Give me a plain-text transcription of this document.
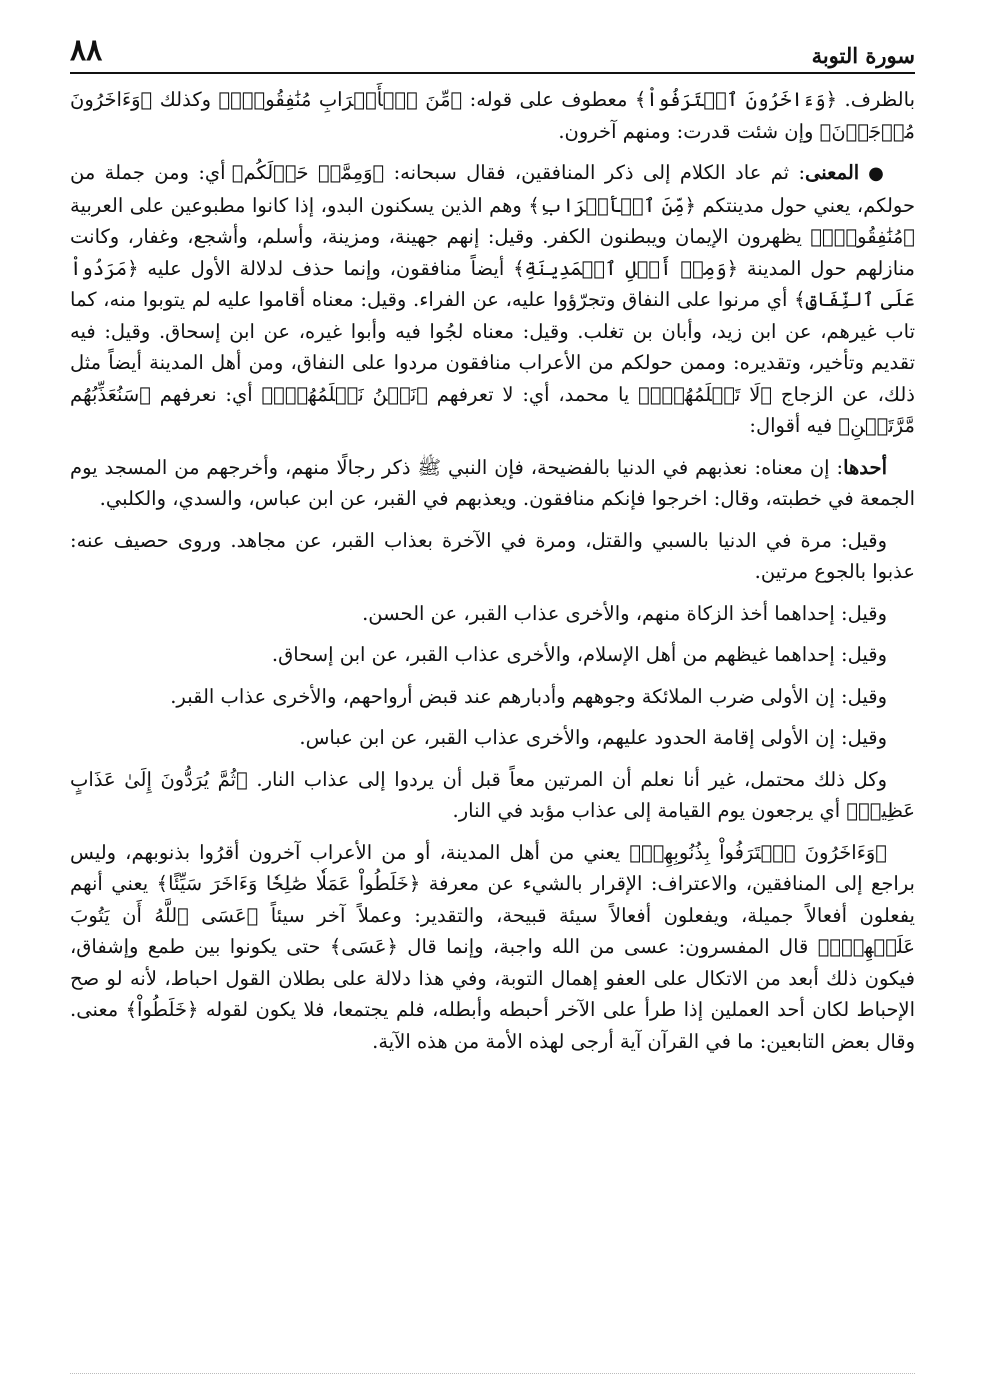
سورة التوبة
٨٨

بالظرف. ﴿وَءَاخَرُونَ ٱعۡتَرَفُواْ﴾ معطوف على قوله: ﴿مِّنَ ٱلۡأَعۡرَابِ مُنَٰفِقُونَۖ﴾ وكذلك ﴿وَءَاخَرُونَ مُرۡجَوۡنَ﴾ وإن شئت قدرت: ومنهم آخرون.

● المعنى: ثم عاد الكلام إلى ذكر المنافقين، فقال سبحانه: ﴿وَمِمَّنۡ حَوۡلَكُم﴾ أي: ومن جملة من حولكم، يعني حول مدينتكم ﴿مِّنَ ٱلۡأَعۡرَابِ﴾ وهم الذين يسكنون البدو، إذا كانوا مطبوعين على العربية ﴿مُنَٰفِقُونَۖ﴾ يظهرون الإيمان ويبطنون الكفر. وقيل: إنهم جهينة، ومزينة، وأسلم، وأشجع، وغفار، وكانت منازلهم حول المدينة ﴿وَمِنۡ أَهۡلِ ٱلۡمَدِينَةِ﴾ أيضاً منافقون، وإنما حذف لدلالة الأول عليه ﴿مَرَدُواْ عَلَى ٱلنِّفَاقِ﴾ أي مرنوا على النفاق وتجرّؤوا عليه، عن الفراء. وقيل: معناه أقاموا عليه لم يتوبوا منه، كما تاب غيرهم، عن ابن زيد، وأبان بن تغلب. وقيل: معناه لجُوا فيه وأبوا غيره، عن ابن إسحاق. وقيل: فيه تقديم وتأخير، وتقديره: وممن حولكم من الأعراب منافقون مردوا على النفاق، ومن أهل المدينة أيضاً مثل ذلك، عن الزجاج ﴿لَا تَعۡلَمُهُمۡۖ﴾ يا محمد، أي: لا تعرفهم ﴿نَحۡنُ نَعۡلَمُهُمۡۚ﴾ أي: نعرفهم ﴿سَنُعَذِّبُهُم مَّرَّتَيۡنِ﴾ فيه أقوال:

أحدها: إن معناه: نعذبهم في الدنيا بالفضيحة، فإن النبي ﷺ ذكر رجالًا منهم، وأخرجهم من المسجد يوم الجمعة في خطبته، وقال: اخرجوا فإنكم منافقون. ويعذبهم في القبر، عن ابن عباس، والسدي، والكلبي.

وقيل: مرة في الدنيا بالسبي والقتل، ومرة في الآخرة بعذاب القبر، عن مجاهد. وروى حصيف عنه: عذبوا بالجوع مرتين.

وقيل: إحداهما أخذ الزكاة منهم، والأخرى عذاب القبر، عن الحسن.

وقيل: إحداهما غيظهم من أهل الإسلام، والأخرى عذاب القبر، عن ابن إسحاق.

وقيل: إن الأولى ضرب الملائكة وجوههم وأدبارهم عند قبض أرواحهم، والأخرى عذاب القبر.

وقيل: إن الأولى إقامة الحدود عليهم، والأخرى عذاب القبر، عن ابن عباس.

وكل ذلك محتمل، غير أنا نعلم أن المرتين معاً قبل أن يردوا إلى عذاب النار. ﴿ثُمَّ يُرَدُّونَ إِلَىٰ عَذَابٍ عَظِيمٖ﴾ أي يرجعون يوم القيامة إلى عذاب مؤبد في النار.

﴿وَءَاخَرُونَ ٱعۡتَرَفُواْ بِذُنُوبِهِمۡ﴾ يعني من أهل المدينة، أو من الأعراب آخرون أقرُوا بذنوبهم، وليس براجع إلى المنافقين، والاعتراف: الإقرار بالشيء عن معرفة ﴿خَلَطُواْ عَمَلٗا صَٰلِحٗا وَءَاخَرَ سَيِّئًا﴾ يعني أنهم يفعلون أفعالاً جميلة، ويفعلون أفعالاً سيئة قبيحة، والتقدير: وعملاً آخر سيئاً ﴿عَسَى ٱللَّهُ أَن يَتُوبَ عَلَيۡهِمۡۚ﴾ قال المفسرون: عسى من الله واجبة، وإنما قال ﴿عَسَى﴾ حتى يكونوا بين طمع وإشفاق، فيكون ذلك أبعد من الاتكال على العفو إهمال التوبة، وفي هذا دلالة على بطلان القول احباط، لأنه لو صح الإحباط لكان أحد العملين إذا طرأ على الآخر أحبطه وأبطله، فلم يجتمعا، فلا يكون لقوله ﴿خَلَطُواْ﴾ معنى. وقال بعض التابعين: ما في القرآن آية أرجى لهذه الأمة من هذه الآية.
